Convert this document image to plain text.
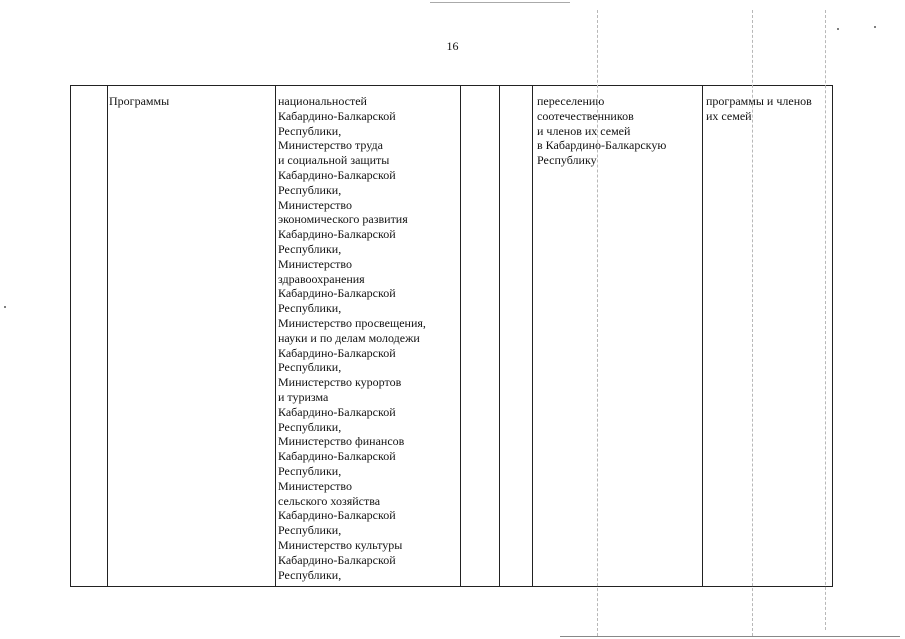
16
Программы	национальностей
Кабардино-Балкарской
Республики,
Министерство труда
и социальной защиты
Кабардино-Балкарской
Республики,
Министерство
экономического развития
Кабардино-Балкарской
Республики,
Министерство
здравоохранения
Кабардино-Балкарской
Республики,
Министерство просвещения,
науки и по делам молодежи
Кабардино-Балкарской
Республики,
Министерство курортов
и туризма
Кабардино-Балкарской
Республики,
Министерство финансов
Кабардино-Балкарской
Республики,
Министерство
сельского хозяйства
Кабардино-Балкарской
Республики,
Министерство культуры
Кабардино-Балкарской
Республики,
переселению
соотечественников
и членов их семей
в Кабардино-Балкарскую
Республику
программы и членов
их семей
